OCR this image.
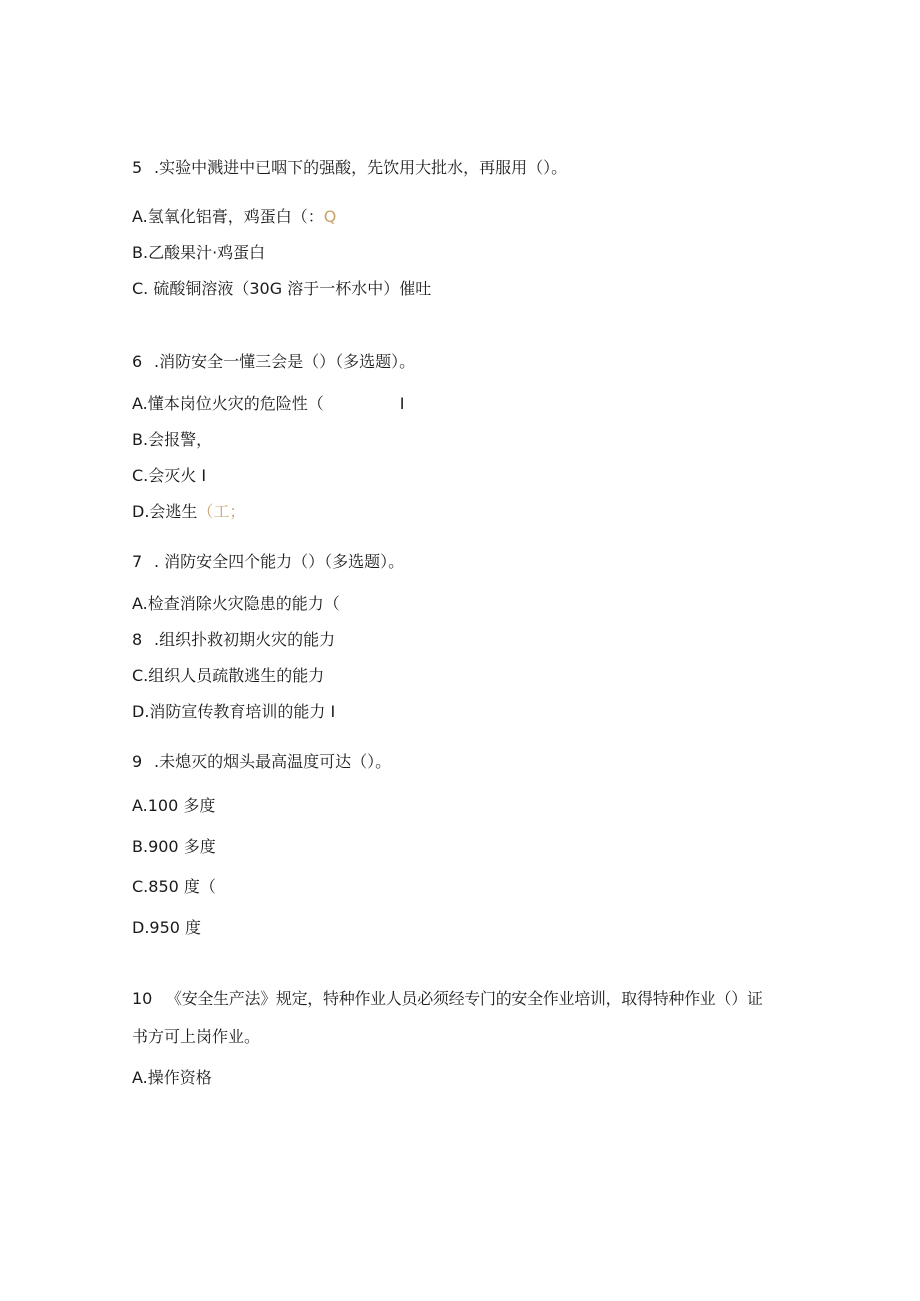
5 .实验中溅进中已咽下的强酸，先饮用大批水，再服用（）。
A.氢氧化铝膏，鸡蛋白（：Q
B.乙酸果汁·鸡蛋白
C. 硫酸铜溶液（30G 溶于一杯水中）催吐
6 .消防安全一懂三会是（）（多选题）。
A.懂本岗位火灾的危险性（	I
B.会报警，
C.会灭火 I
D.会逃生（工；
7 . 消防安全四个能力（）（多选题）。
A.检查消除火灾隐患的能力（
8 .组织扑救初期火灾的能力
C.组织人员疏散逃生的能力
D.消防宣传教育培训的能力 I
9 .未熄灭的烟头最高温度可达（）。
A.100 多度
B.900 多度
C.850 度（
D.950 度
10 《安全生产法》规定，特种作业人员必须经专门的安全作业培训，取得特种作业（）证
书方可上岗作业。
A.操作资格
